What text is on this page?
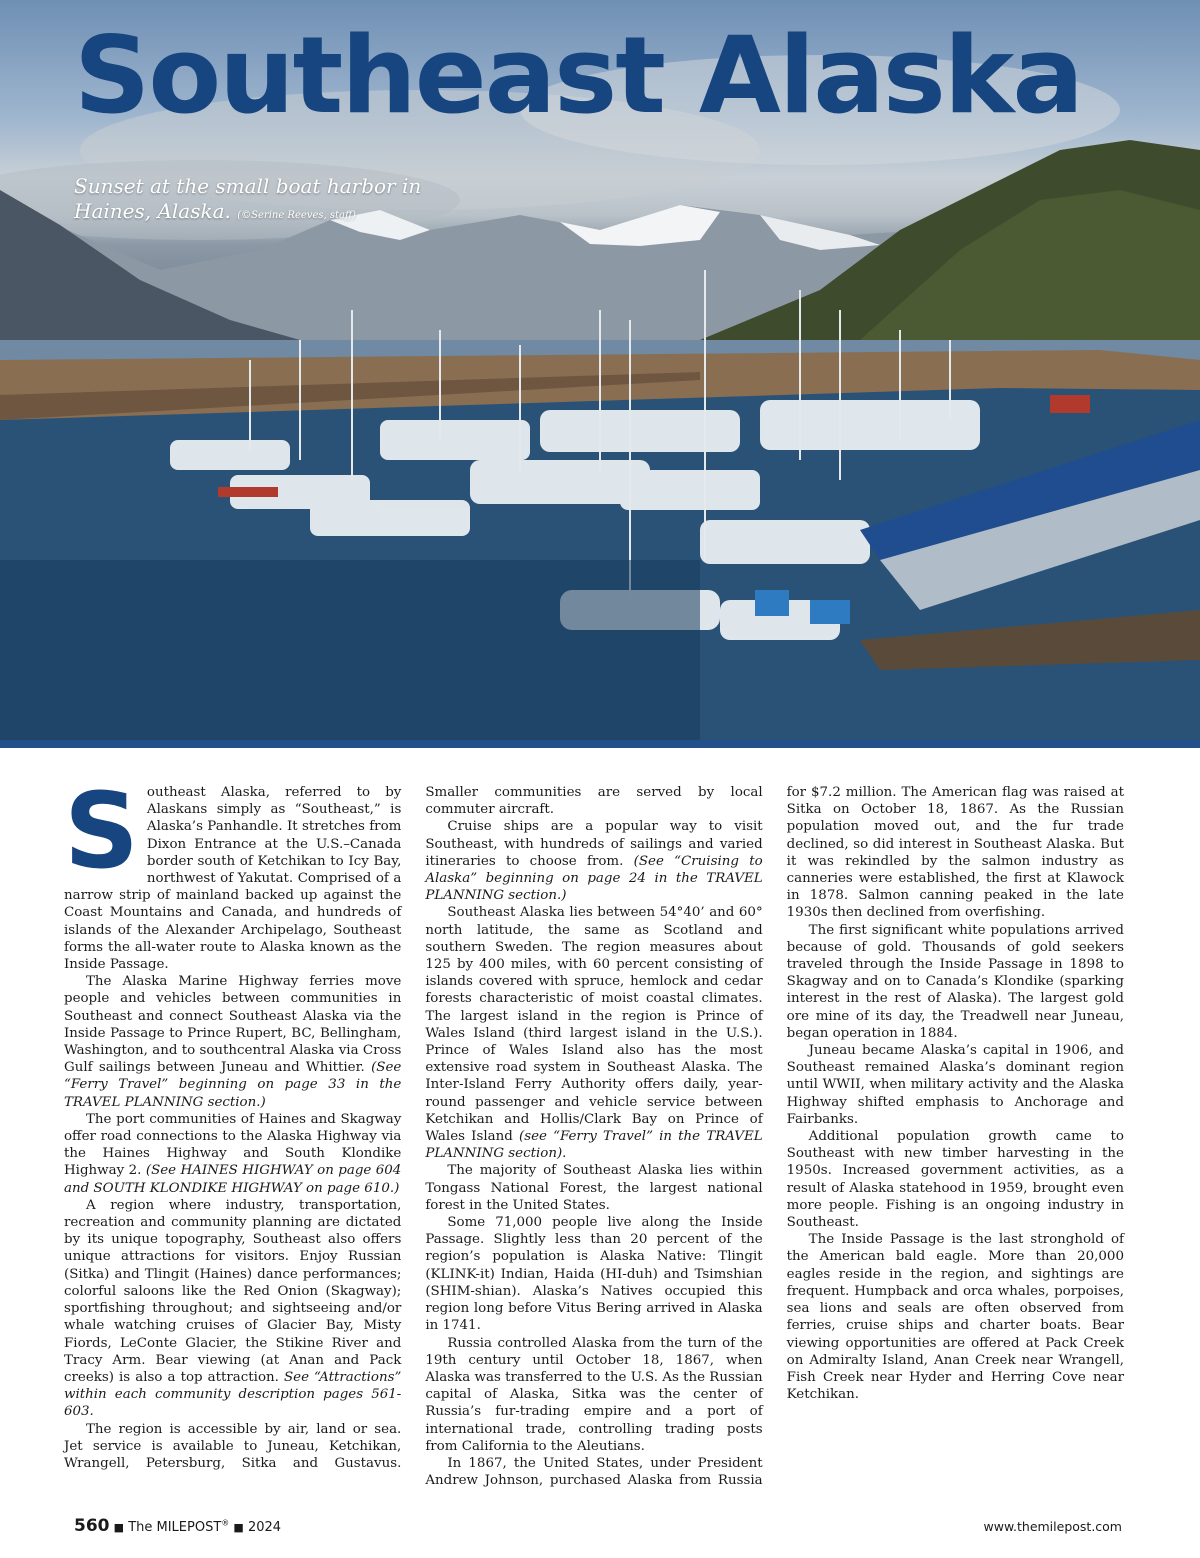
Southeast Alaska
Sunset at the small boat harbor in Haines, Alaska. (©Serine Reeves, staff)

Southeast Alaska, referred to by Alaskans simply as “Southeast,” is Alaska’s Panhandle. It stretches from Dixon Entrance at the U.S.–Canada border south of Ketchikan to Icy Bay, northwest of Yakutat. Comprised of a narrow strip of mainland backed up against the Coast Mountains and Canada, and hundreds of islands of the Alexander Archipelago, Southeast forms the all-water route to Alaska known as the Inside Passage.

The Alaska Marine Highway ferries move people and vehicles between communities in Southeast and connect Southeast Alaska via the Inside Passage to Prince Rupert, BC, Bellingham, Washington, and to southcentral Alaska via Cross Gulf sailings between Juneau and Whittier. (See “Ferry Travel” beginning on page 33 in the TRAVEL PLANNING section.)

The port communities of Haines and Skagway offer road connections to the Alaska Highway via the Haines Highway and South Klondike Highway 2. (See HAINES HIGHWAY on page 604 and SOUTH KLONDIKE HIGHWAY on page 610.)

A region where industry, transportation, recreation and community planning are dictated by its unique topography, Southeast also offers unique attractions for visitors. Enjoy Russian (Sitka) and Tlingit (Haines) dance performances; colorful saloons like the Red Onion (Skagway); sportfishing throughout; and sightseeing and/or whale watching cruises of Glacier Bay, Misty Fiords, LeConte Glacier, the Stikine River and Tracy Arm. Bear viewing (at Anan and Pack creeks) is also a top attraction. See “Attractions” within each community description pages 561-603.

The region is accessible by air, land or sea. Jet service is available to Juneau, Ketchikan, Wrangell, Petersburg, Sitka and Gustavus. Smaller communities are served by local commuter aircraft.

Cruise ships are a popular way to visit Southeast, with hundreds of sailings and varied itineraries to choose from. (See “Cruising to Alaska” beginning on page 24 in the TRAVEL PLANNING section.)

Southeast Alaska lies between 54°40’ and 60° north latitude, the same as Scotland and southern Sweden. The region measures about 125 by 400 miles, with 60 percent consisting of islands covered with spruce, hemlock and cedar forests characteristic of moist coastal climates. The largest island in the region is Prince of Wales Island (third largest island in the U.S.). Prince of Wales Island also has the most extensive road system in Southeast Alaska. The Inter-Island Ferry Authority offers daily, year-round passenger and vehicle service between Ketchikan and Hollis/Clark Bay on Prince of Wales Island (see “Ferry Travel” in the TRAVEL PLANNING section).

The majority of Southeast Alaska lies within Tongass National Forest, the largest national forest in the United States.

Some 71,000 people live along the Inside Passage. Slightly less than 20 percent of the region’s population is Alaska Native: Tlingit (KLINK-it) Indian, Haida (HI-duh) and Tsimshian (SHIM-shian). Alaska’s Natives occupied this region long before Vitus Bering arrived in Alaska in 1741.

Russia controlled Alaska from the turn of the 19th century until October 18, 1867, when Alaska was transferred to the U.S. As the Russian capital of Alaska, Sitka was the center of Russia’s fur-trading empire and a port of international trade, controlling trading posts from California to the Aleutians.

In 1867, the United States, under President Andrew Johnson, purchased Alaska from Russia for $7.2 million. The American flag was raised at Sitka on October 18, 1867. As the Russian population moved out, and the fur trade declined, so did interest in Southeast Alaska. But it was rekindled by the salmon industry as canneries were established, the first at Klawock in 1878. Salmon canning peaked in the late 1930s then declined from overfishing.

The first significant white populations arrived because of gold. Thousands of gold seekers traveled through the Inside Passage in 1898 to Skagway and on to Canada’s Klondike (sparking interest in the rest of Alaska). The largest gold ore mine of its day, the Treadwell near Juneau, began operation in 1884.

Juneau became Alaska’s capital in 1906, and Southeast remained Alaska’s dominant region until WWII, when military activity and the Alaska Highway shifted emphasis to Anchorage and Fairbanks.

Additional population growth came to Southeast with new timber harvesting in the 1950s. Increased government activities, as a result of Alaska statehood in 1959, brought even more people. Fishing is an ongoing industry in Southeast.

The Inside Passage is the last stronghold of the American bald eagle. More than 20,000 eagles reside in the region, and sightings are frequent. Humpback and orca whales, porpoises, sea lions and seals are often observed from ferries, cruise ships and charter boats. Bear viewing opportunities are offered at Pack Creek on Admiralty Island, Anan Creek near Wrangell, Fish Creek near Hyder and Herring Cove near Ketchikan.

560 ■ The MILEPOST® ■ 2024	www.themilepost.com
